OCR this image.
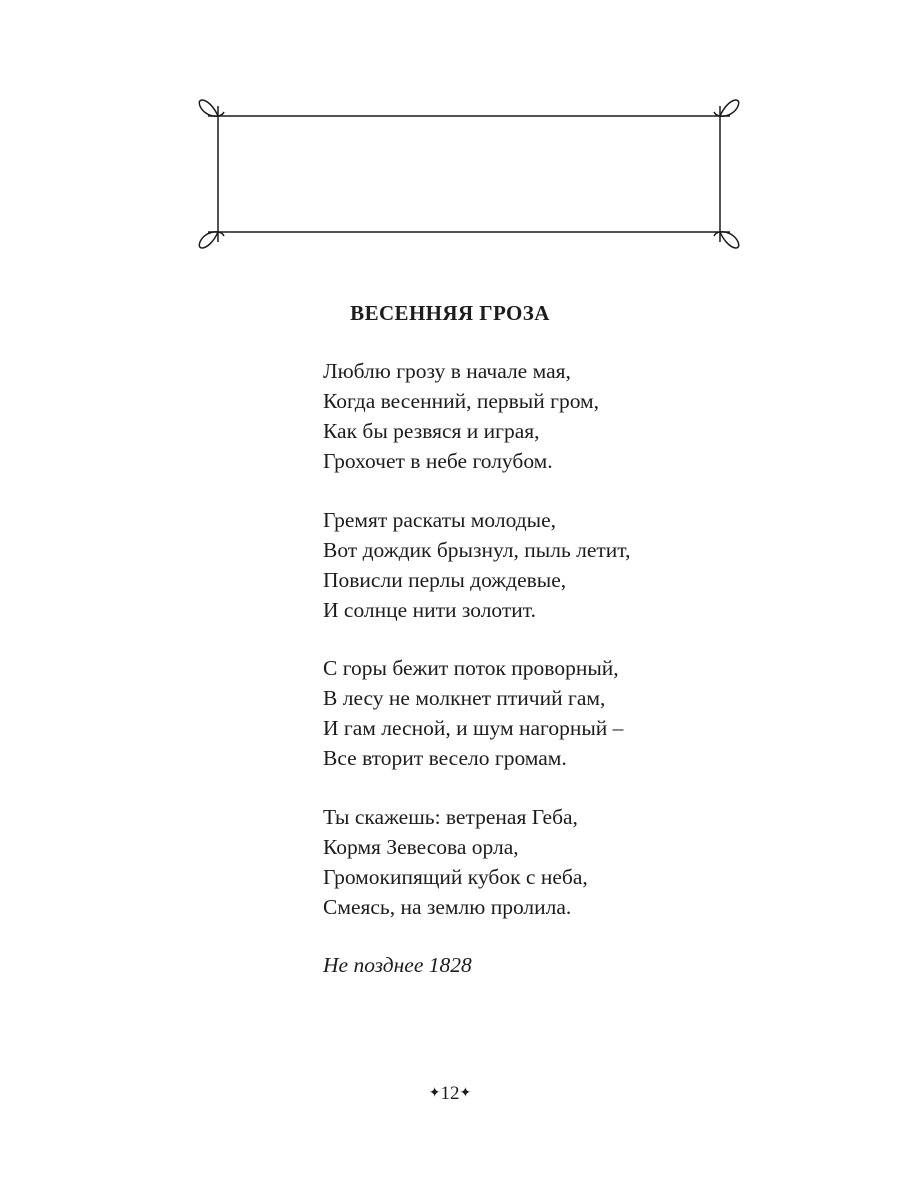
ВЕСЕННЯЯ ГРОЗА
Люблю грозу в начале мая,
Когда весенний, первый гром,
Как бы резвяся и играя,
Грохочет в небе голубом.
Гремят раскаты молодые,
Вот дождик брызнул, пыль летит,
Повисли перлы дождевые,
И солнце нити золотит.
С горы бежит поток проворный,
В лесу не молкнет птичий гам,
И гам лесной, и шум нагорный –
Все вторит весело громам.
Ты скажешь: ветреная Геба,
Кормя Зевесова орла,
Громокипящий кубок с неба,
Смеясь, на землю пролила.
Не позднее 1828
✦12✦
